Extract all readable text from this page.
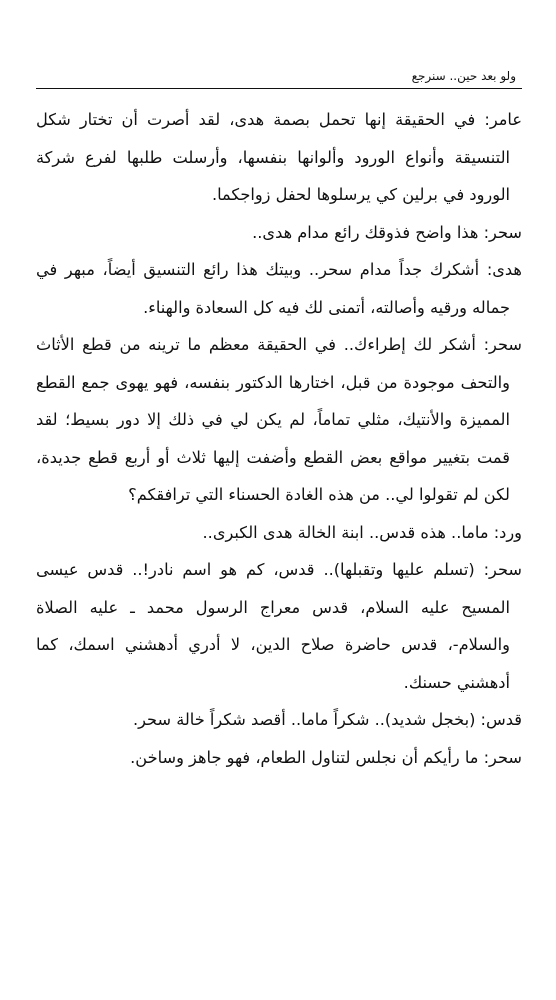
ولو بعد حين.. سنرجع

عامر: في الحقيقة إنها تحمل بصمة هدى، لقد أصرت أن تختار شكل التنسيقة وأنواع الورود وألوانها بنفسها، وأرسلت طلبها لفرع شركة الورود في برلين كي يرسلوها لحفل زواجكما.

سحر: هذا واضح فذوقك رائع مدام هدى..

هدى: أشكرك جداً مدام سحر.. وبيتك هذا رائع التنسيق أيضاً، مبهر في جماله ورقيه وأصالته، أتمنى لك فيه كل السعادة والهناء.

سحر: أشكر لك إطراءك.. في الحقيقة معظم ما ترينه من قطع الأثاث والتحف موجودة من قبل، اختارها الدكتور بنفسه، فهو يهوى جمع القطع المميزة والأنتيك، مثلي تماماً، لم يكن لي في ذلك إلا دور بسيط؛ لقد قمت بتغيير مواقع بعض القطع وأضفت إليها ثلاث أو أربع قطع جديدة، لكن لم تقولوا لي.. من هذه الغادة الحسناء التي ترافقكم؟

ورد: ماما.. هذه قدس.. ابنة الخالة هدى الكبرى..

سحر: (تسلم عليها وتقبلها).. قدس، كم هو اسم نادر!.. قدس عيسى المسيح عليه السلام، قدس معراج الرسول محمد ـ عليه الصلاة والسلام-، قدس حاضرة صلاح الدين، لا أدري أدهشني اسمك، كما أدهشني حسنك.

قدس: (بخجل شديد).. شكراً ماما.. أقصد شكراً خالة سحر.

سحر: ما رأيكم أن نجلس لتناول الطعام، فهو جاهز وساخن.
